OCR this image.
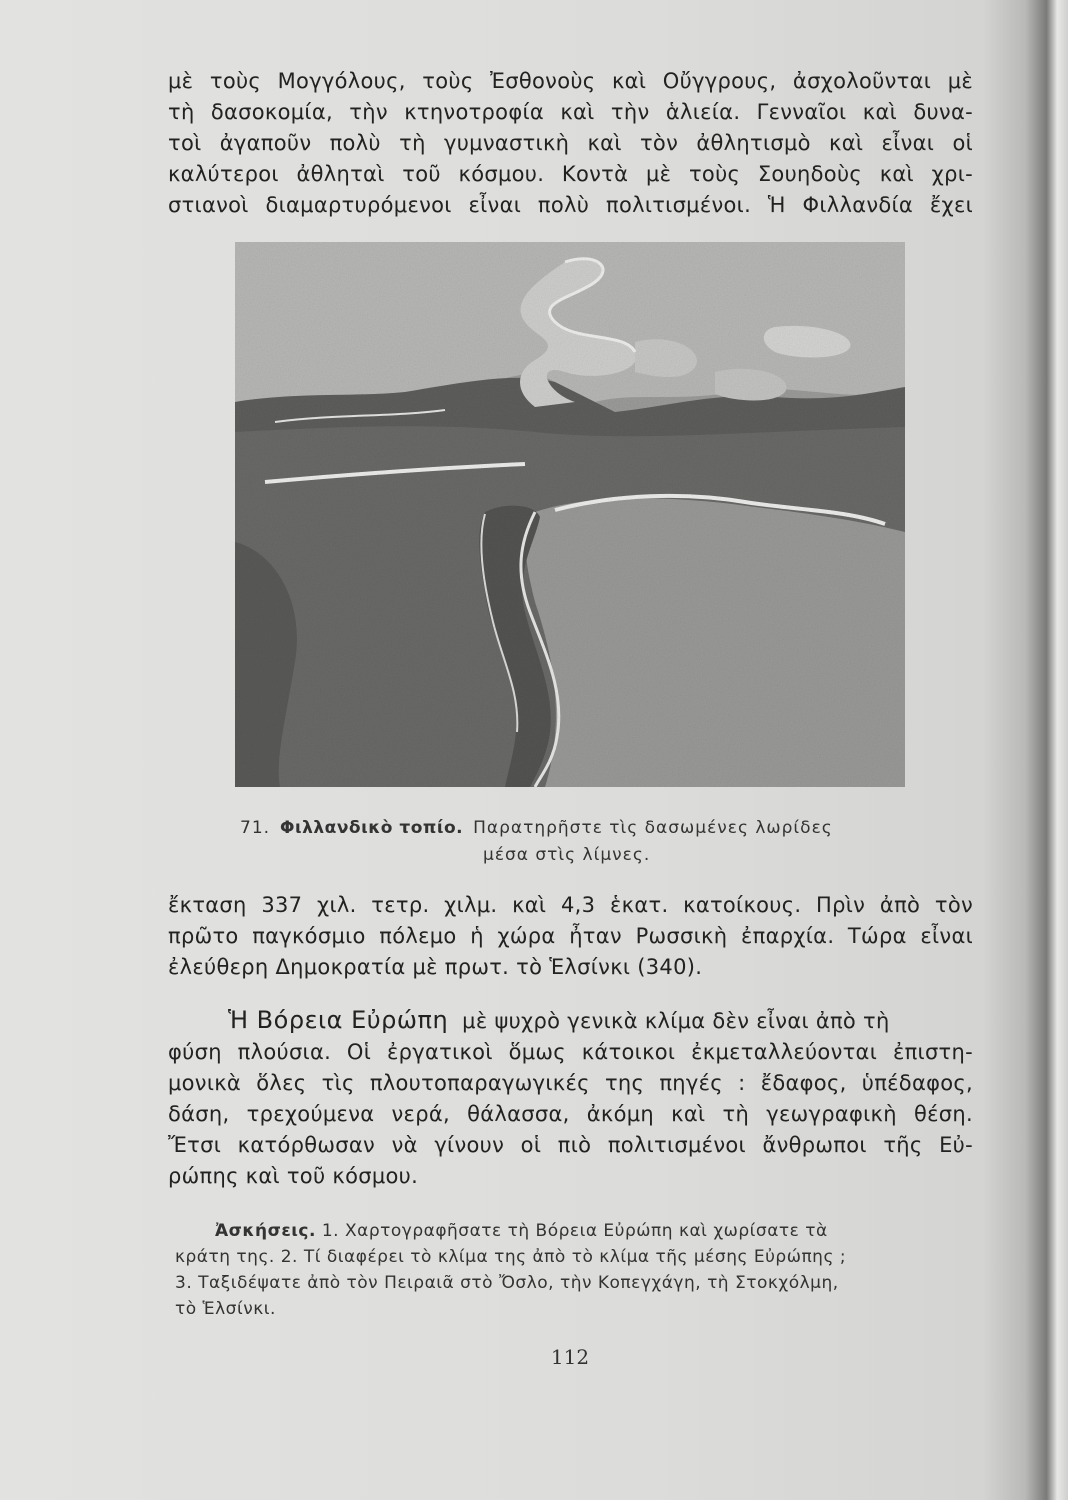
μὲ τοὺς Μογγόλους, τοὺς Ἐσθονοὺς καὶ Οὔγγρους, ἀσχολοῦνται μὲ
τὴ δασοκομία, τὴν κτηνοτροφία καὶ τὴν ἁλιεία. Γενναῖοι καὶ δυνα-
τοὶ ἀγαποῦν πολὺ τὴ γυμναστικὴ καὶ τὸν ἀθλητισμὸ καὶ εἶναι οἱ
καλύτεροι ἀθληταὶ τοῦ κόσμου. Κοντὰ μὲ τοὺς Σουηδοὺς καὶ χρι-
στιανοὶ διαμαρτυρόμενοι εἶναι πολὺ πολιτισμένοι. Ἡ Φιλλανδία ἔχει

71. Φιλλανδικὸ τοπίο. Παρατηρῆστε τὶς δασωμένες λωρίδες
μέσα στὶς λίμνες.

ἔκταση 337 χιλ. τετρ. χιλμ. καὶ 4,3 ἑκατ. κατοίκους. Πρὶν ἀπὸ τὸν
πρῶτο παγκόσμιο πόλεμο ἡ χώρα ἦταν Ρωσσικὴ ἐπαρχία. Τώρα εἶναι
ἐλεύθερη Δημοκρατία μὲ πρωτ. τὸ Ἑλσίνκι (340).

Ἡ Βόρεια Εὐρώπη μὲ ψυχρὸ γενικὰ κλίμα δὲν εἶναι ἀπὸ τὴ
φύση πλούσια. Οἱ ἐργατικοὶ ὅμως κάτοικοι ἐκμεταλλεύονται ἐπιστη-
μονικὰ ὅλες τὶς πλουτοπαραγωγικές της πηγές : ἔδαφος, ὑπέδαφος,
δάση, τρεχούμενα νερά, θάλασσα, ἀκόμη καὶ τὴ γεωγραφικὴ θέση.
Ἔτσι κατόρθωσαν νὰ γίνουν οἱ πιὸ πολιτισμένοι ἄνθρωποι τῆς Εὐ-
ρώπης καὶ τοῦ κόσμου.

Ἀσκήσεις. 1. Χαρτογραφῆσατε τὴ Βόρεια Εὐρώπη καὶ χωρίσατε τὰ
κράτη της. 2. Τί διαφέρει τὸ κλίμα της ἀπὸ τὸ κλίμα τῆς μέσης Εὐρώπης ;
3. Ταξιδέψατε ἀπὸ τὸν Πειραιᾶ στὸ Ὄσλο, τὴν Κοπεγχάγη, τὴ Στοκχόλμη,
τὸ Ἑλσίνκι.
112
